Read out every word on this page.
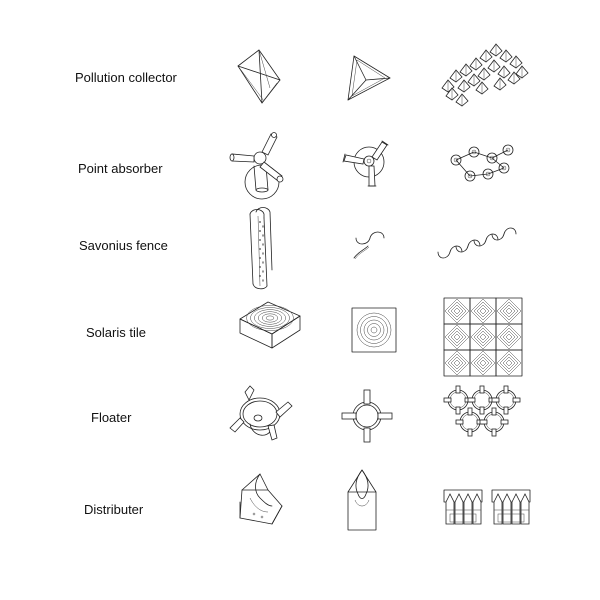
Pollution collector
Point absorber
Savonius fence
Solaris tile
Floater
Distributer
